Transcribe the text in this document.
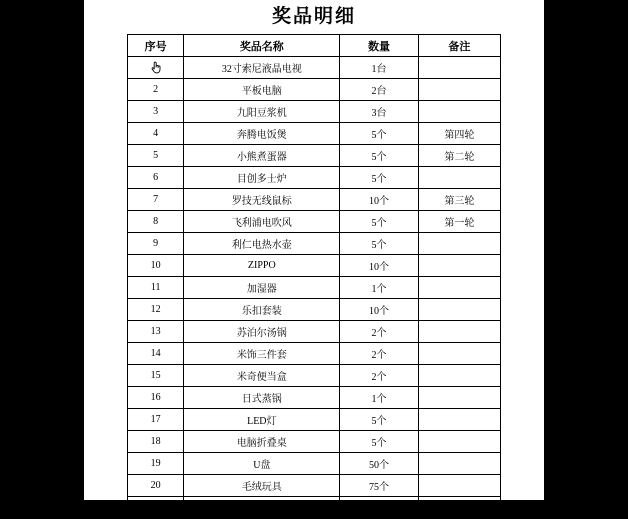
奖品明细
序号	奖品名称	数量	备注

	32寸索尼液晶电视	1台	
2	平板电脑	2台	
3	九阳豆浆机	3台	
4	奔腾电饭煲	5个	第四轮
5	小熊煮蛋器	5个	第二轮
6	目创多士炉	5个	
7	罗技无线鼠标	10个	第三轮
8	飞利浦电吹风	5个	第一轮
9	利仁电热水壶	5个	
10	ZIPPO	10个	
11	加湿器	1个	
12	乐扣套装	10个	
13	苏泊尔汤锅	2个	
14	米饰三件套	2个	
15	米奇便当盒	2个	
16	日式蒸锅	1个	
17	LED灯	5个	
18	电脑折叠桌	5个	
19	U盘	50个	
20	毛绒玩具	75个	
21	大毛绒玩具	10个	
